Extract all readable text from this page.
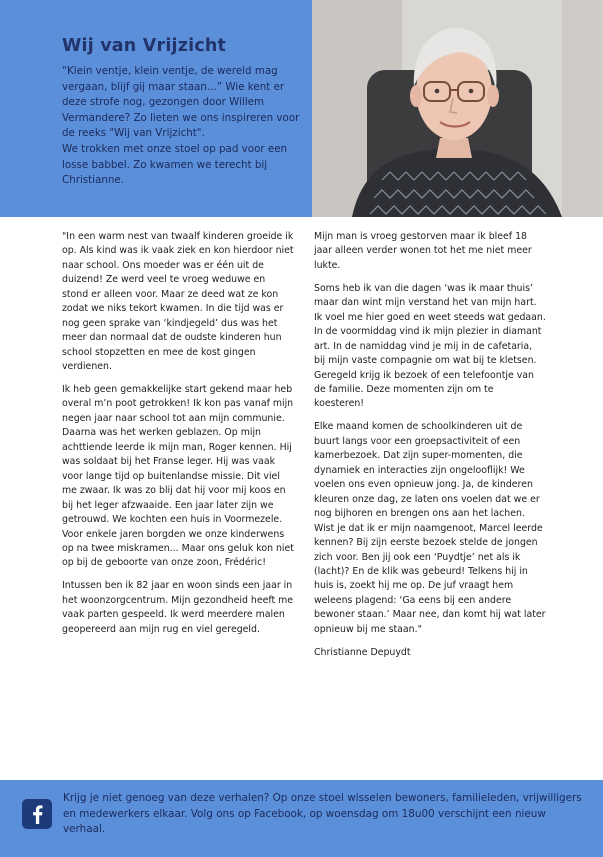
Wij van Vrijzicht

“Klein ventje, klein ventje, de wereld mag vergaan, blijf gij maar staan...” Wie kent er deze strofe nog, gezongen door Willem Vermandere? Zo lieten we ons inspireren voor de reeks "Wij van Vrijzicht".
We trokken met onze stoel op pad voor een losse babbel. Zo kwamen we terecht bij Christianne.

"In een warm nest van twaalf kinderen groeide ik op. Als kind was ik vaak ziek en kon hierdoor niet naar school. Ons moeder was er één uit de duizend! Ze werd veel te vroeg weduwe en stond er alleen voor. Maar ze deed wat ze kon zodat we niks tekort kwamen. In die tijd was er nog geen sprake van ‘kindjegeld’ dus was het meer dan normaal dat de oudste kinderen hun school stopzetten en mee de kost gingen verdienen.

Ik heb geen gemakkelijke start gekend maar heb overal m’n poot getrokken! Ik kon pas vanaf mijn negen jaar naar school tot aan mijn communie. Daarna was het werken geblazen. Op mijn achttiende leerde ik mijn man, Roger kennen. Hij was soldaat bij het Franse leger. Hij was vaak voor lange tijd op buitenlandse missie. Dit viel me zwaar. Ik was zo blij dat hij voor mij koos en bij het leger afzwaaide. Een jaar later zijn we getrouwd. We kochten een huis in Voormezele. Voor enkele jaren borgden we onze kinderwens op na twee miskramen... Maar ons geluk kon niet op bij de geboorte van onze zoon, Frédéric!

Intussen ben ik 82 jaar en woon sinds een jaar in het woonzorgcentrum. Mijn gezondheid heeft me vaak parten gespeeld. Ik werd meerdere malen geopereerd aan mijn rug en viel geregeld.

Mijn man is vroeg gestorven maar ik bleef 18 jaar alleen verder wonen tot het me niet meer lukte.

Soms heb ik van die dagen ‘was ik maar thuis’ maar dan wint mijn verstand het van mijn hart. Ik voel me hier goed en weet steeds wat gedaan. In de voormiddag vind ik mijn plezier in diamant art. In de namiddag vind je mij in de cafetaria, bij mijn vaste compagnie om wat bij te kletsen. Geregeld krijg ik bezoek of een telefoontje van de familie. Deze momenten zijn om te koesteren!

Elke maand komen de schoolkinderen uit de buurt langs voor een groepsactiviteit of een kamerbezoek. Dat zijn super-momenten, die dynamiek en interacties zijn ongelooflijk! We voelen ons even opnieuw jong. Ja, de kinderen kleuren onze dag, ze laten ons voelen dat we er nog bijhoren en brengen ons aan het lachen. Wist je dat ik er mijn naamgenoot, Marcel leerde kennen? Bij zijn eerste bezoek stelde de jongen zich voor. Ben jij ook een ‘Puydtje’ net als ik (lacht)? En de klik was gebeurd! Telkens hij in huis is, zoekt hij me op. De juf vraagt hem weleens plagend: ‘Ga eens bij een andere bewoner staan.’ Maar nee, dan komt hij wat later opnieuw bij me staan."

Christianne Depuydt

Krijg je niet genoeg van deze verhalen? Op onze stoel wisselen bewoners, familieleden, vrijwilligers en medewerkers elkaar. Volg ons op Facebook, op woensdag om 18u00 verschijnt een nieuw verhaal.
